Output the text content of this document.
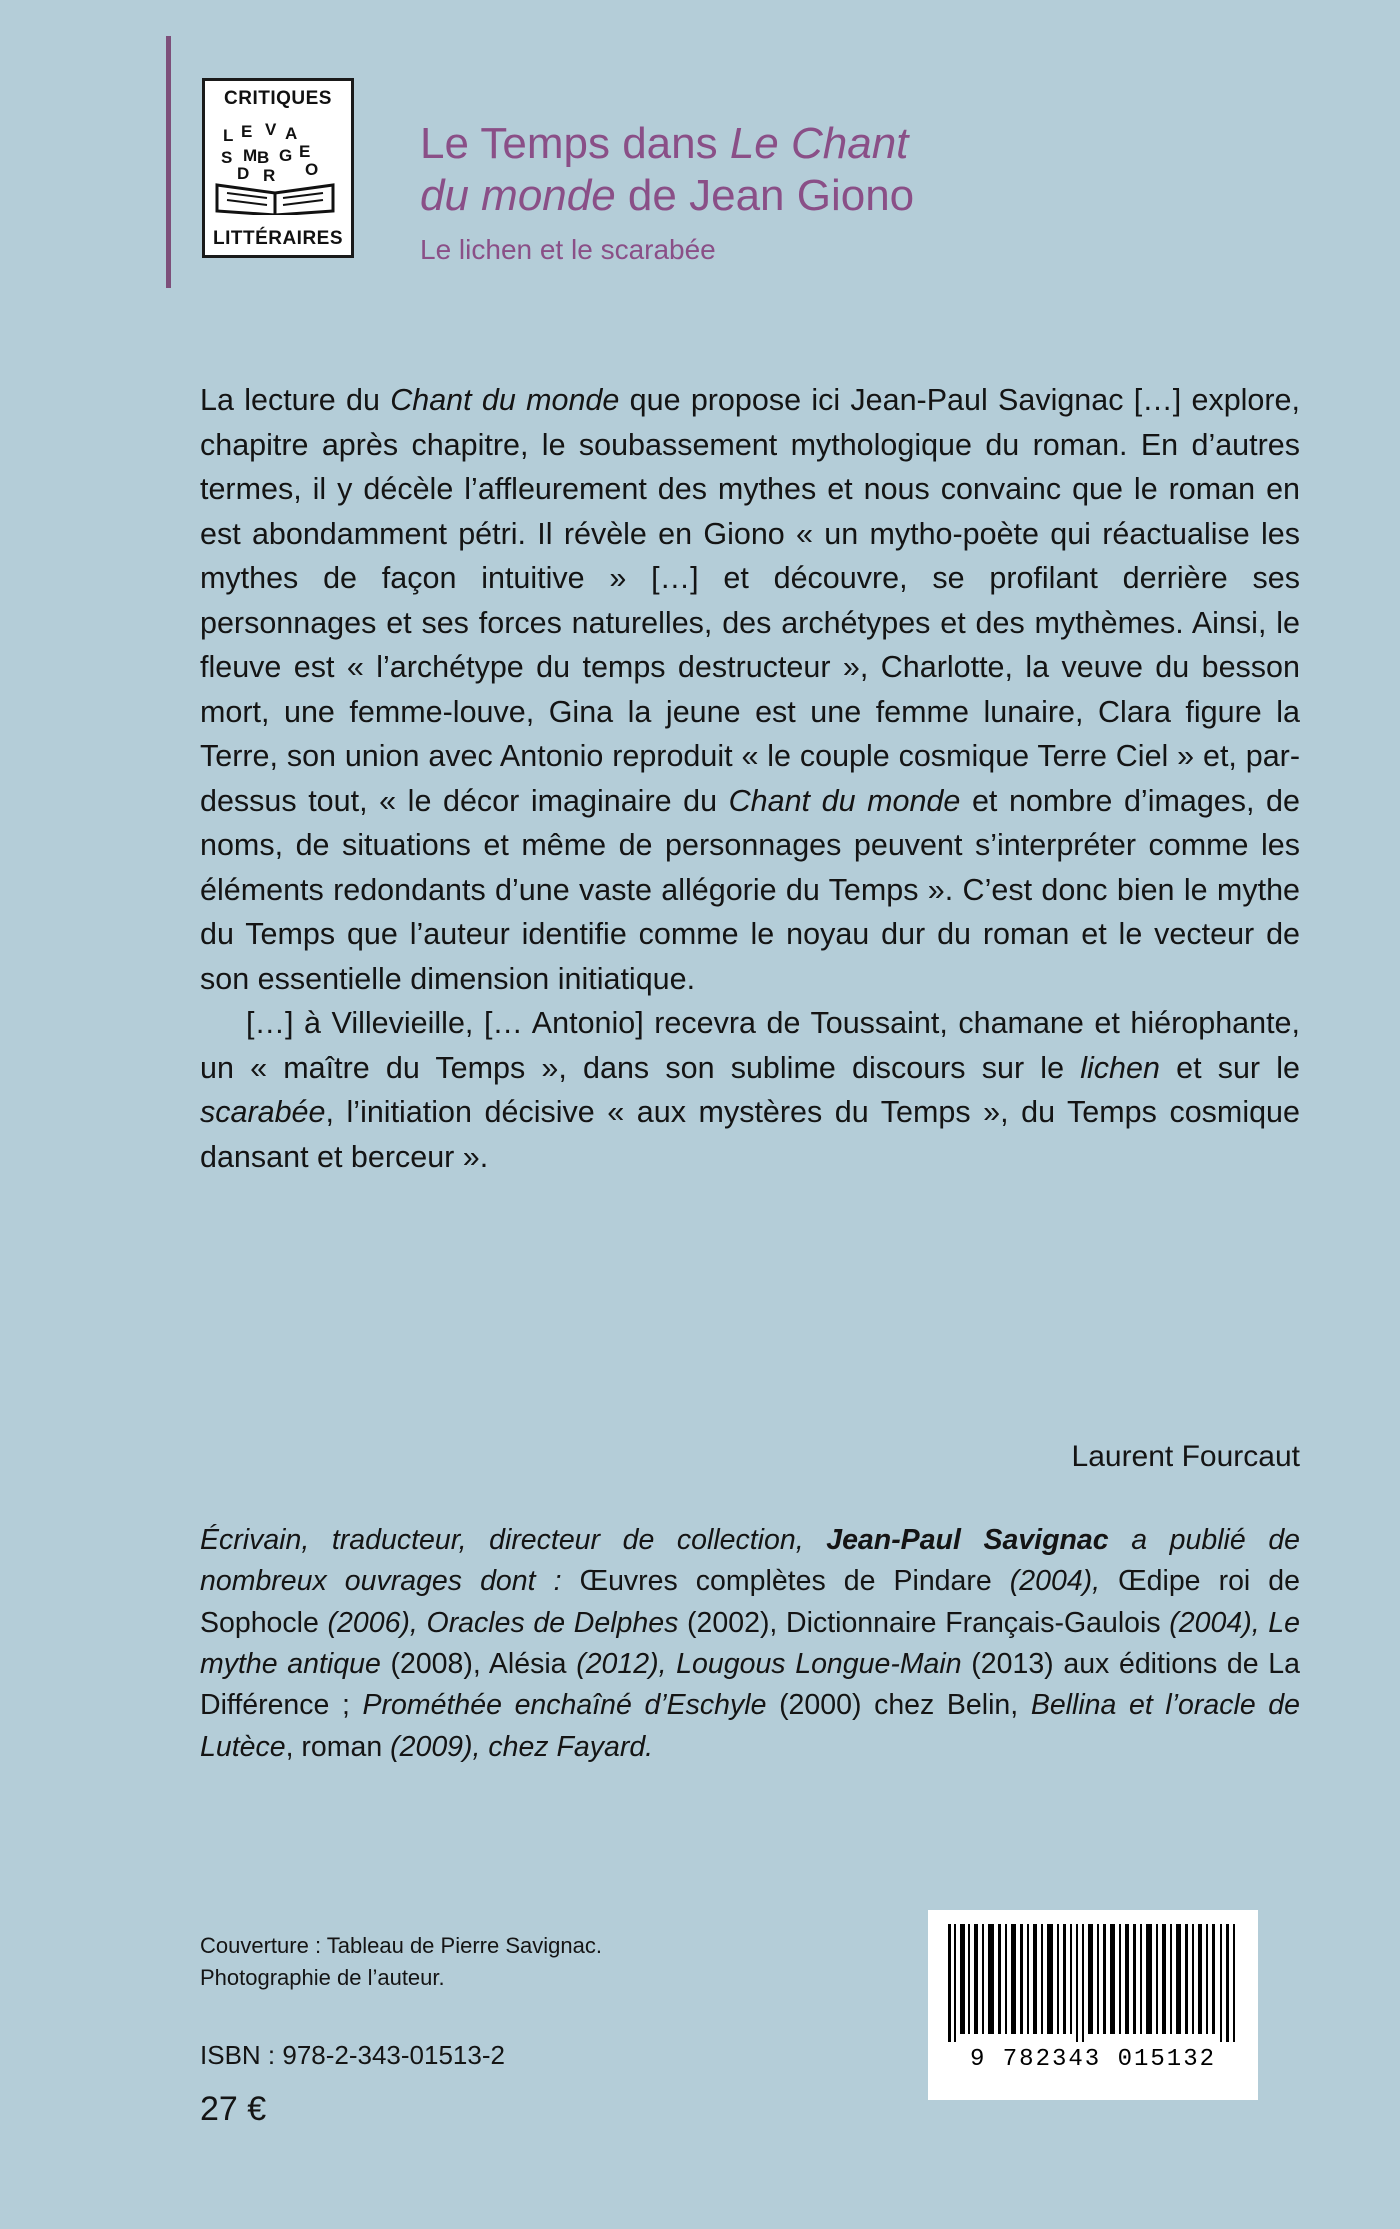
CRITIQUES
L E V A
S M
D
B G E
R O
LITTÉRAIRES
Le Temps dans Le Chant
du monde de Jean Giono
Le lichen et le scarabée

La lecture du Chant du monde que propose ici Jean-Paul Savignac […] explore, chapitre après chapitre, le soubassement mythologique du roman. En d’autres termes, il y décèle l’affleurement des mythes et nous convainc que le roman en est abondamment pétri. Il révèle en Giono « un mytho-poète qui réactualise les mythes de façon intuitive » […] et découvre, se profilant derrière ses personnages et ses forces naturelles, des archétypes et des mythèmes. Ainsi, le fleuve est « l’archétype du temps destructeur », Charlotte, la veuve du besson mort, une femme-louve, Gina la jeune est une femme lunaire, Clara figure la Terre, son union avec Antonio reproduit « le couple cosmique Terre Ciel » et, par-dessus tout, « le décor imaginaire du Chant du monde et nombre d’images, de noms, de situations et même de personnages peuvent s’interpréter comme les éléments redondants d’une vaste allégorie du Temps ». C’est donc bien le mythe du Temps que l’auteur identifie comme le noyau dur du roman et le vecteur de son essentielle dimension initiatique.

[…] à Villevieille, [… Antonio] recevra de Toussaint, chamane et hiérophante, un « maître du Temps », dans son sublime discours sur le lichen et sur le scarabée, l’initiation décisive « aux mystères du Temps », du Temps cosmique dansant et berceur ».

Laurent Fourcaut
Écrivain, traducteur, directeur de collection, Jean-Paul Savignac a publié de nombreux ouvrages dont : Œuvres complètes de Pindare (2004), Œdipe roi de Sophocle (2006), Oracles de Delphes (2002), Dictionnaire Français-Gaulois (2004), Le mythe antique (2008), Alésia (2012), Lougous Longue-Main (2013) aux éditions de La Différence ; Prométhée enchaîné d’Eschyle (2000) chez Belin, Bellina et l’oracle de Lutèce, roman (2009), chez Fayard.
Couverture : Tableau de Pierre Savignac.
Photographie de l’auteur.
ISBN : 978-2-343-01513-2
27 €
9 782343 015132
